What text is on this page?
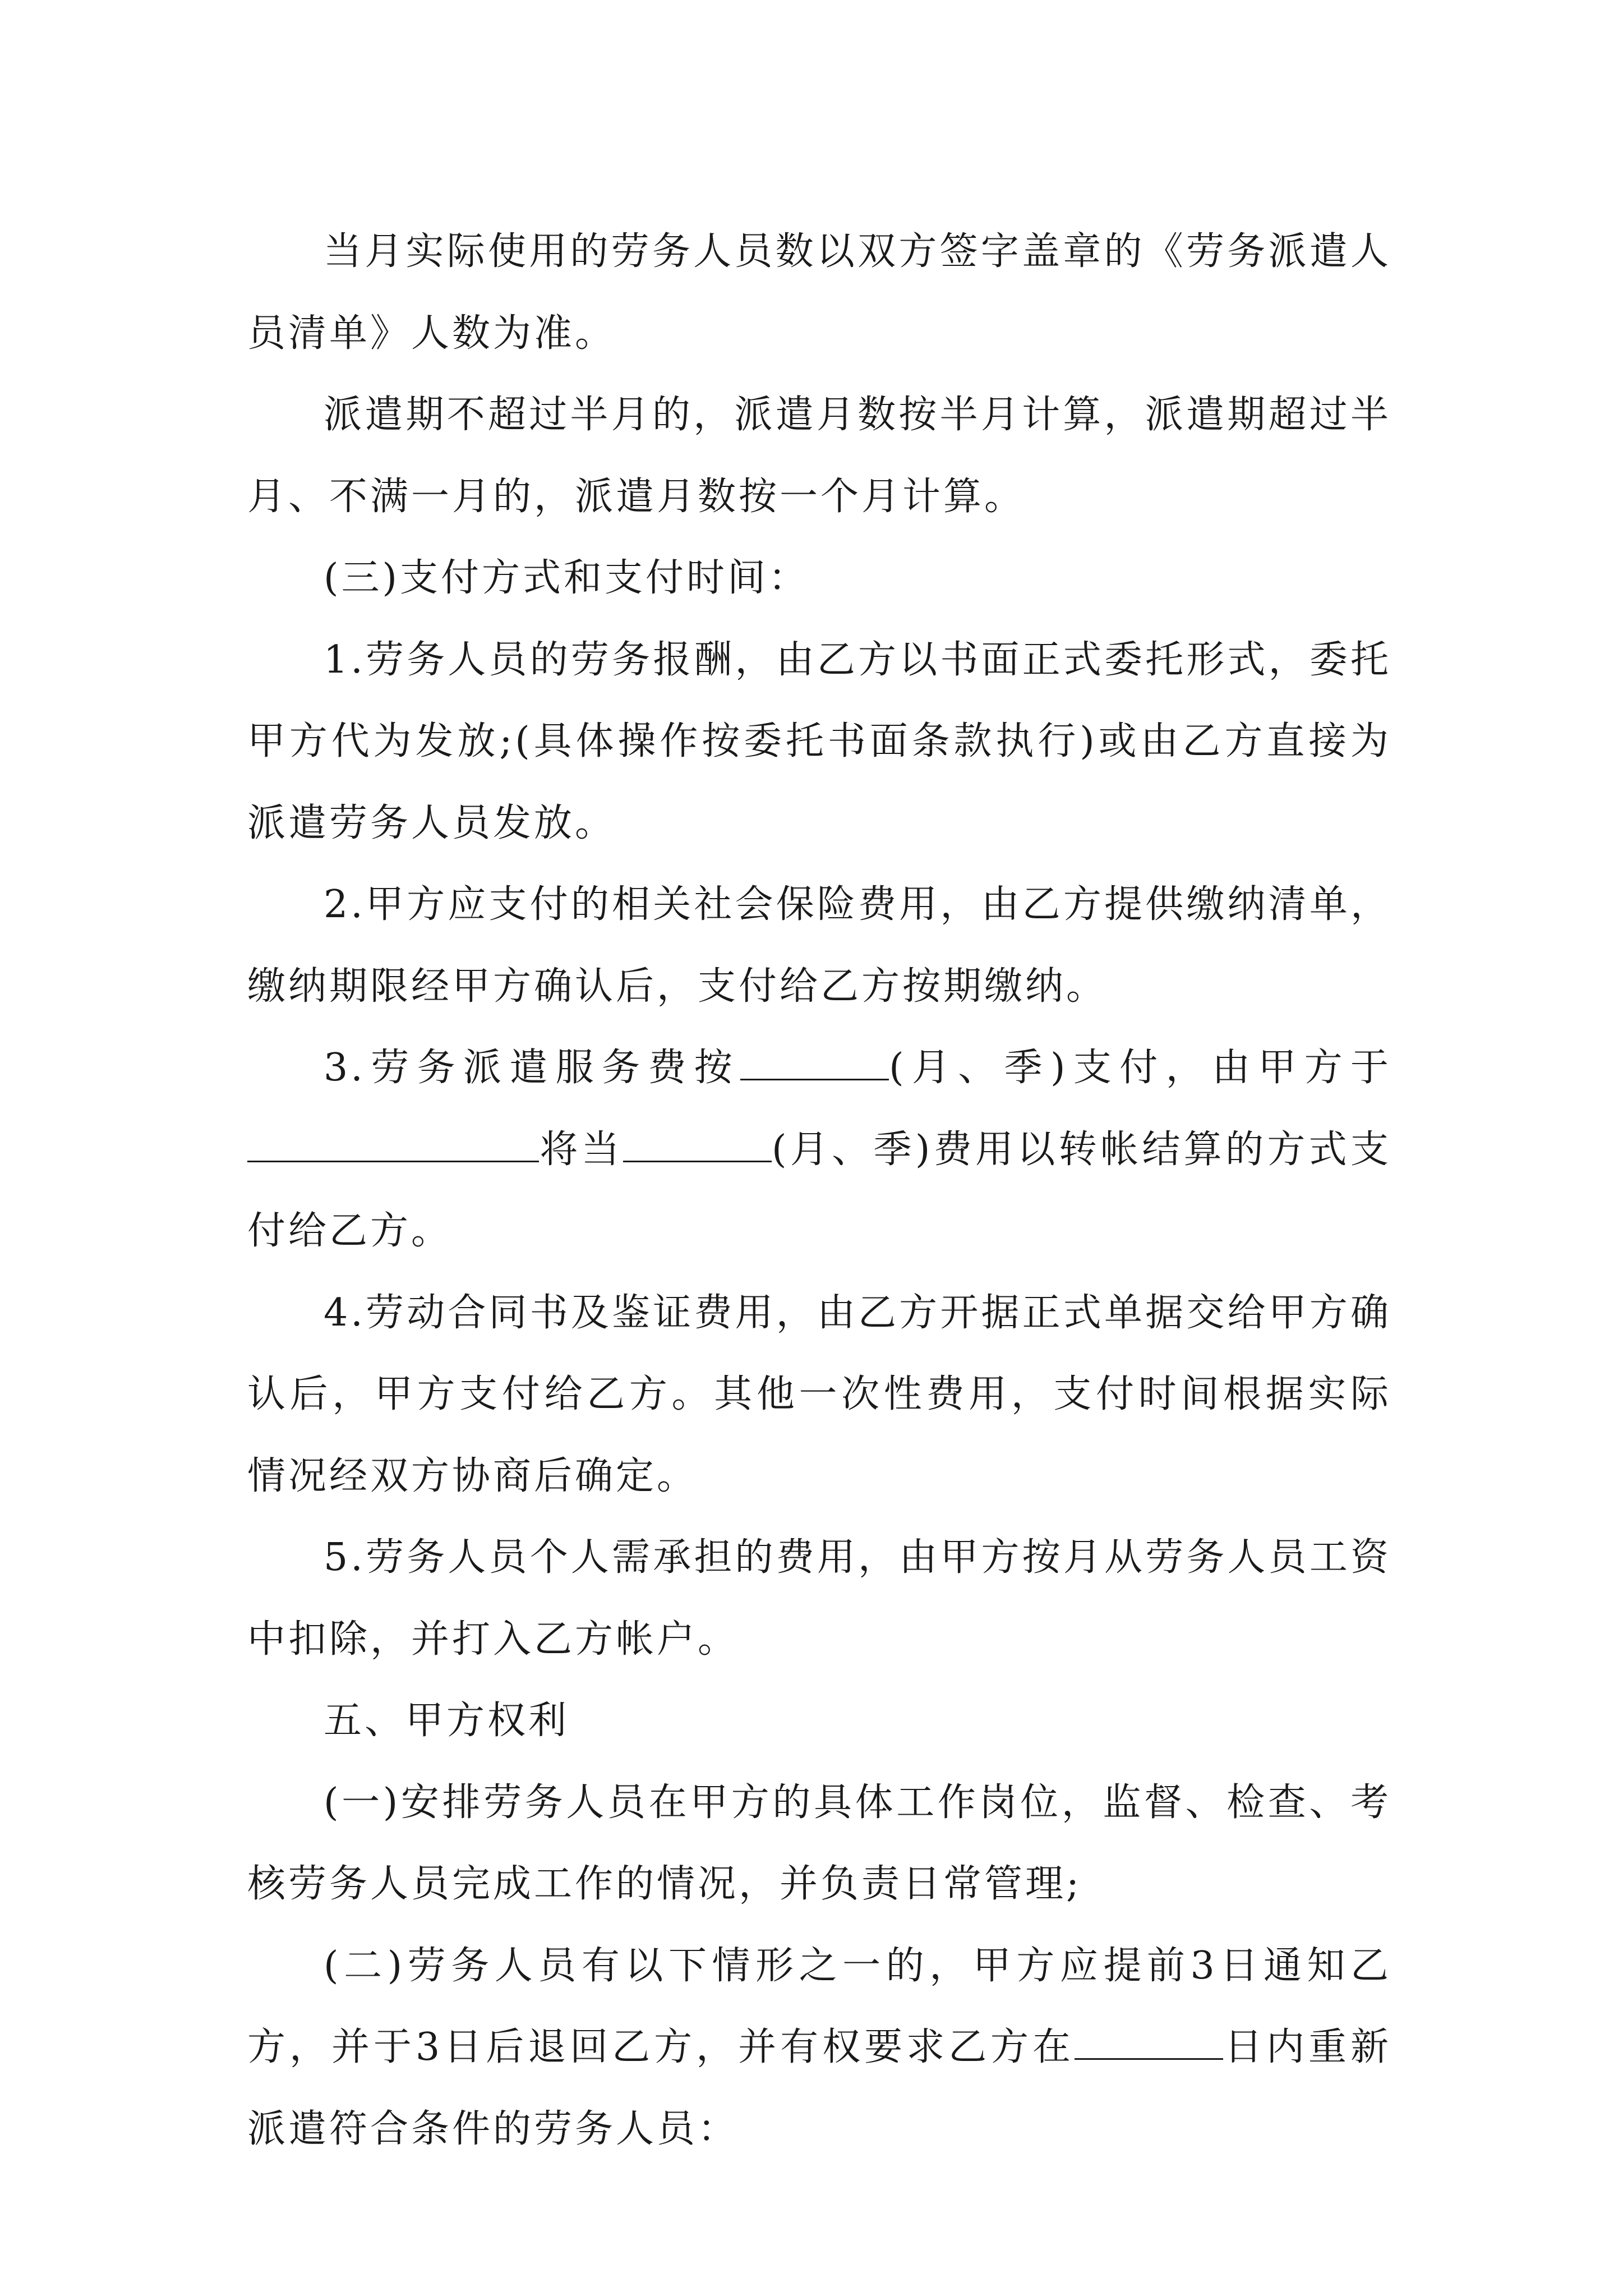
当月实际使用的劳务人员数以双方签字盖章的《劳务派遣人员清单》人数为准。

派遣期不超过半月的，派遣月数按半月计算，派遣期超过半月、不满一月的，派遣月数按一个月计算。

(三)支付方式和支付时间：

1.劳务人员的劳务报酬，由乙方以书面正式委托形式，委托甲方代为发放;(具体操作按委托书面条款执行)或由乙方直接为派遣劳务人员发放。

2.甲方应支付的相关社会保险费用，由乙方提供缴纳清单，缴纳期限经甲方确认后，支付给乙方按期缴纳。

3.劳务派遣服务费按	(月、季)支付，由甲方于将当	(月、季)费用以转帐结算的方式支付给乙方。

4.劳动合同书及鉴证费用，由乙方开据正式单据交给甲方确认后，甲方支付给乙方。其他一次性费用，支付时间根据实际情况经双方协商后确定。

5.劳务人员个人需承担的费用，由甲方按月从劳务人员工资中扣除，并打入乙方帐户。

五、甲方权利

(一)安排劳务人员在甲方的具体工作岗位，监督、检查、考核劳务人员完成工作的情况，并负责日常管理;

(二)劳务人员有以下情形之一的，甲方应提前3日通知乙方，并于3日后退回乙方，并有权要求乙方在	日内重新派遣符合条件的劳务人员：
